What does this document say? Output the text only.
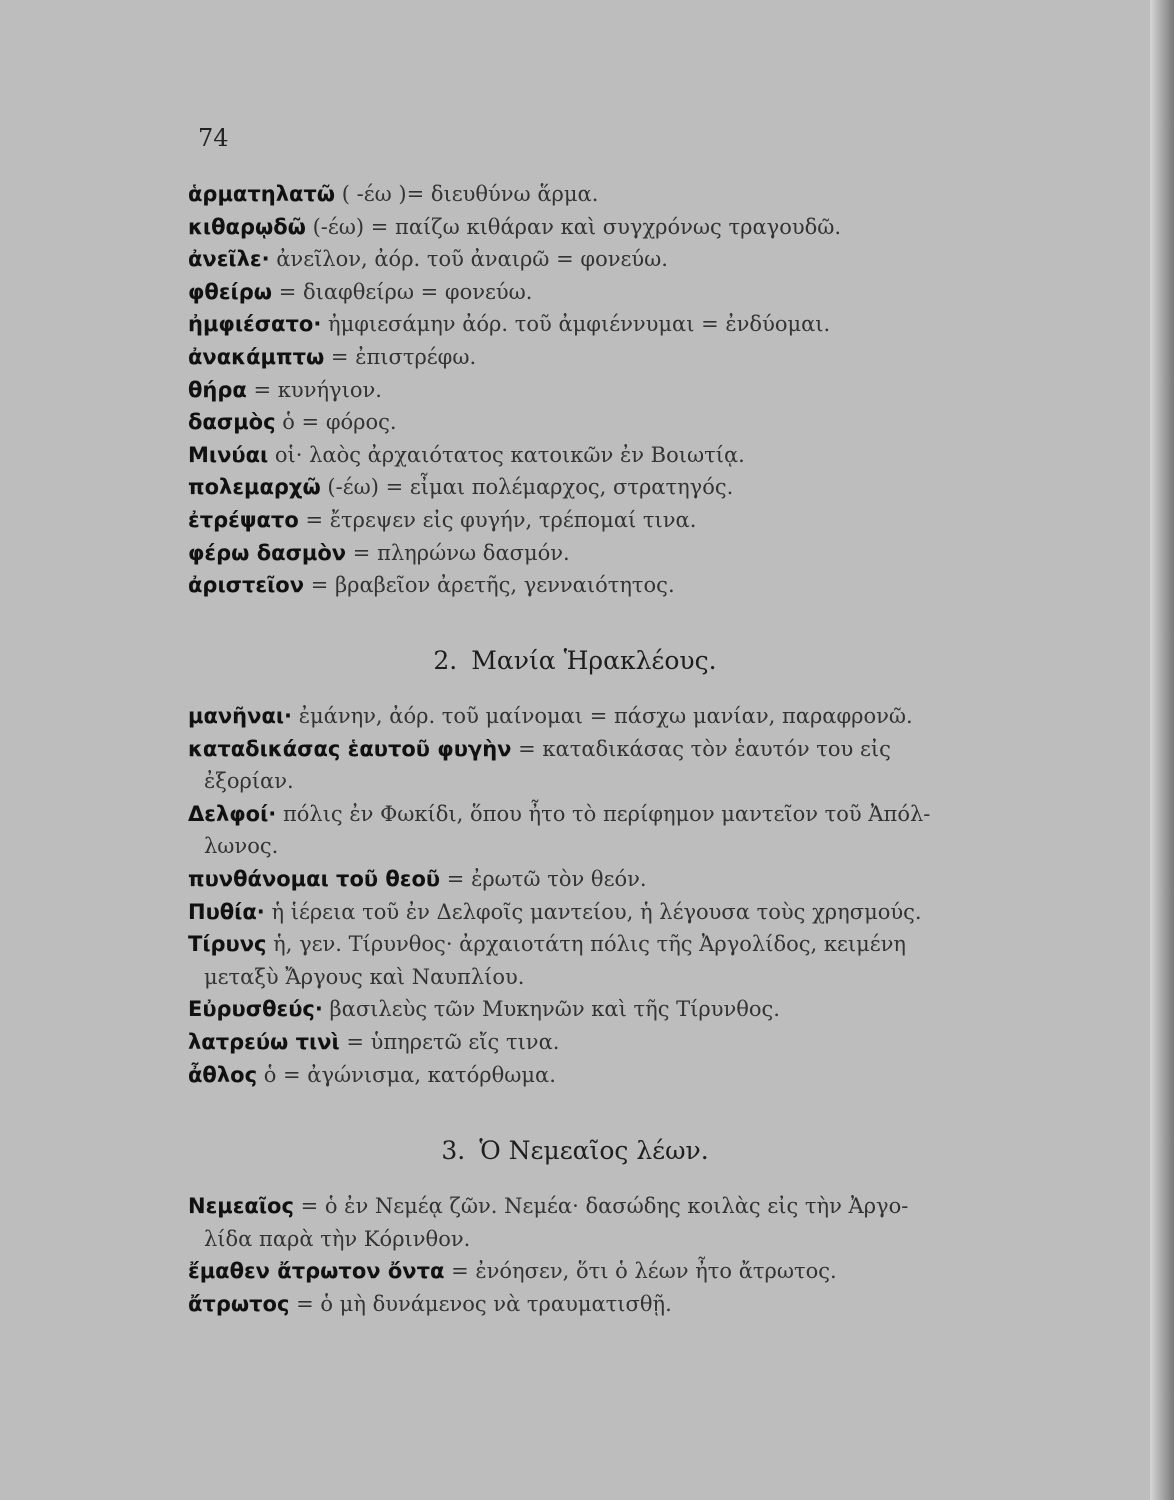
74
ἁρματηλατῶ ( -έω )= διευθύνω ἅρμα.
κιθαρῳδῶ (-έω) = παίζω κιθάραν καὶ συγχρόνως τραγουδῶ.
ἀνεῖλε· ἀνεῖλον, ἀόρ. τοῦ ἀναιρῶ = φονεύω.
φθείρω = διαφθείρω = φονεύω.
ἠμφιέσατο· ἠμφιεσάμην ἀόρ. τοῦ ἀμφιέννυμαι = ἐνδύομαι.
ἀνακάμπτω = ἐπιστρέφω.
θήρα = κυνήγιον.
δασμὸς ὁ = φόρος.
Μινύαι οἱ· λαὸς ἀρχαιότατος κατοικῶν ἐν Βοιωτίᾳ.
πολεμαρχῶ (-έω) = εἶμαι πολέμαρχος, στρατηγός.
ἐτρέψατο = ἔτρεψεν εἰς φυγήν, τρέπομαί τινα.
φέρω δασμὸν = πληρώνω δασμόν.
ἀριστεῖον = βραβεῖον ἀρετῆς, γενναιότητος.
2. Μανία Ἡρακλέους.
μανῆναι· ἐμάνην, ἀόρ. τοῦ μαίνομαι = πάσχω μανίαν, παραφρονῶ.
καταδικάσας ἑαυτοῦ φυγὴν = καταδικάσας τὸν ἑαυτόν του εἰς
ἐξορίαν.
Δελφοί· πόλις ἐν Φωκίδι, ὅπου ἦτο τὸ περίφημον μαντεῖον τοῦ Ἀπόλ-
λωνος.
πυνθάνομαι τοῦ θεοῦ = ἐρωτῶ τὸν θεόν.
Πυθία· ἡ ἱέρεια τοῦ ἐν Δελφοῖς μαντείου, ἡ λέγουσα τοὺς χρησμούς.
Τίρυνς ἡ, γεν. Τίρυνθος· ἀρχαιοτάτη πόλις τῆς Ἀργολίδος, κειμένη
μεταξὺ Ἄργους καὶ Ναυπλίου.
Εὐρυσθεύς· βασιλεὺς τῶν Μυκηνῶν καὶ τῆς Τίρυνθος.
λατρεύω τινὶ = ὑπηρετῶ εἴς τινα.
ἆθλος ὁ = ἀγώνισμα, κατόρθωμα.
3. Ὁ Νεμεαῖος λέων.
Νεμεαῖος = ὁ ἐν Νεμέᾳ ζῶν. Νεμέα· δασώδης κοιλὰς εἰς τὴν Ἀργο-
λίδα παρὰ τὴν Κόρινθον.
ἔμαθεν ἄτρωτον ὄντα = ἐνόησεν, ὅτι ὁ λέων ἦτο ἄτρωτος.
ἄτρωτος = ὁ μὴ δυνάμενος νὰ τραυματισθῇ.
